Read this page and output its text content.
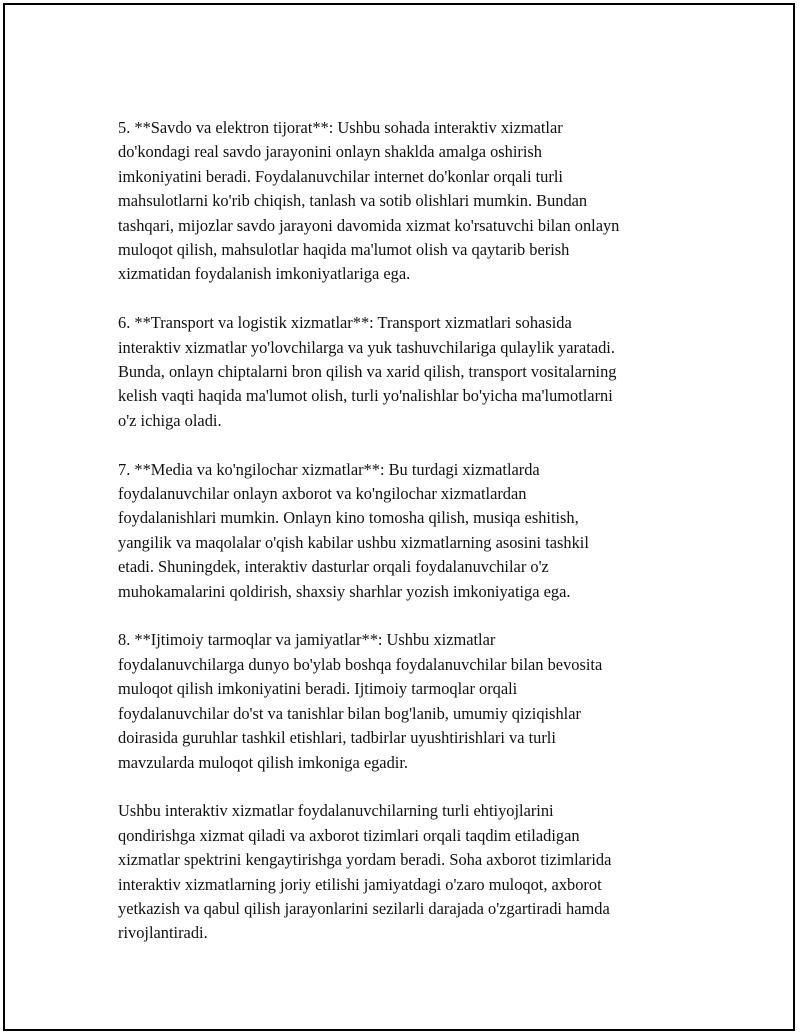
5. **Savdo va elektron tijorat**: Ushbu sohada interaktiv xizmatlar
do'kondagi real savdo jarayonini onlayn shaklda amalga oshirish
imkoniyatini beradi. Foydalanuvchilar internet do'konlar orqali turli
mahsulotlarni ko'rib chiqish, tanlash va sotib olishlari mumkin. Bundan
tashqari, mijozlar savdo jarayoni davomida xizmat ko'rsatuvchi bilan onlayn
muloqot qilish, mahsulotlar haqida ma'lumot olish va qaytarib berish
xizmatidan foydalanish imkoniyatlariga ega.
6. **Transport va logistik xizmatlar**: Transport xizmatlari sohasida
interaktiv xizmatlar yo'lovchilarga va yuk tashuvchilariga qulaylik yaratadi.
Bunda, onlayn chiptalarni bron qilish va xarid qilish, transport vositalarning
kelish vaqti haqida ma'lumot olish, turli yo'nalishlar bo'yicha ma'lumotlarni
o'z ichiga oladi.
7. **Media va ko'ngilochar xizmatlar**: Bu turdagi xizmatlarda
foydalanuvchilar onlayn axborot va ko'ngilochar xizmatlardan
foydalanishlari mumkin. Onlayn kino tomosha qilish, musiqa eshitish,
yangilik va maqolalar o'qish kabilar ushbu xizmatlarning asosini tashkil
etadi. Shuningdek, interaktiv dasturlar orqali foydalanuvchilar o'z
muhokamalarini qoldirish, shaxsiy sharhlar yozish imkoniyatiga ega.
8. **Ijtimoiy tarmoqlar va jamiyatlar**: Ushbu xizmatlar
foydalanuvchilarga dunyo bo'ylab boshqa foydalanuvchilar bilan bevosita
muloqot qilish imkoniyatini beradi. Ijtimoiy tarmoqlar orqali
foydalanuvchilar do'st va tanishlar bilan bog'lanib, umumiy qiziqishlar
doirasida guruhlar tashkil etishlari, tadbirlar uyushtirishlari va turli
mavzularda muloqot qilish imkoniga egadir.
Ushbu interaktiv xizmatlar foydalanuvchilarning turli ehtiyojlarini
qondirishga xizmat qiladi va axborot tizimlari orqali taqdim etiladigan
xizmatlar spektrini kengaytirishga yordam beradi. Soha axborot tizimlarida
interaktiv xizmatlarning joriy etilishi jamiyatdagi o'zaro muloqot, axborot
yetkazish va qabul qilish jarayonlarini sezilarli darajada o'zgartiradi hamda
rivojlantiradi.
